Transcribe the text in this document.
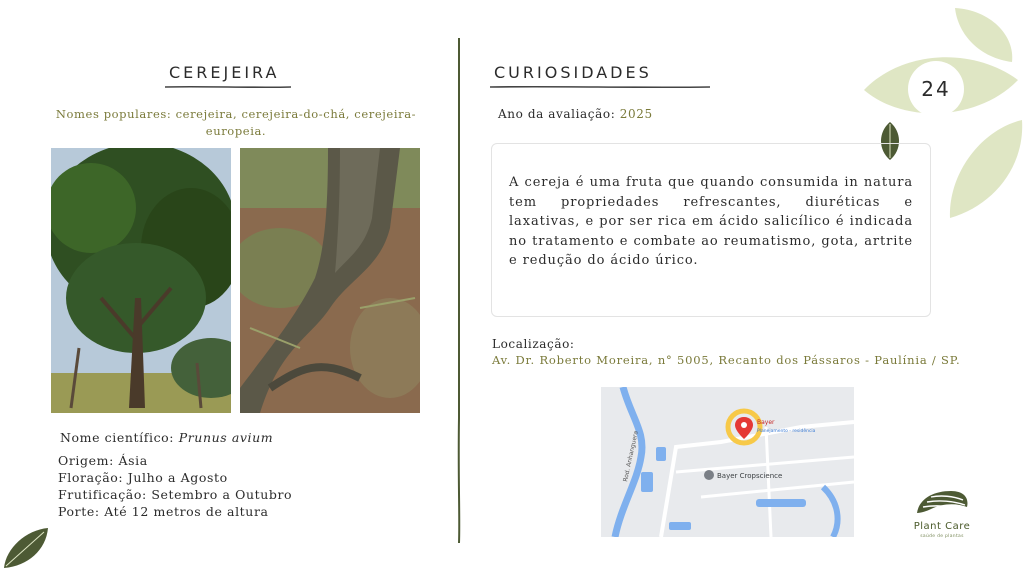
24
CEREJEIRA
Nomes populares: cerejeira, cerejeira-do-chá, cerejeira-europeia.
Nome científico: Prunus avium
Origem: Ásia
Floração: Julho a Agosto
Frutificação: Setembro a Outubro
Porte: Até 12 metros de altura
CURIOSIDADES
Ano da avaliação: 2025

A cereja é uma fruta que quando consumida in natura tem propriedades refrescantes, diuréticas e laxativas, e por ser rica em ácido salicílico é indicada no tratamento e combate ao reumatismo, gota, artrite e redução do ácido úrico.

Localização:
Av. Dr. Roberto Moreira, n° 5005, Recanto dos Pássaros - Paulínia / SP.
Rod. Anhanguera
Bayer
Planejamento - residência
Bayer Cropscience
Plant Care
saúde de plantas
